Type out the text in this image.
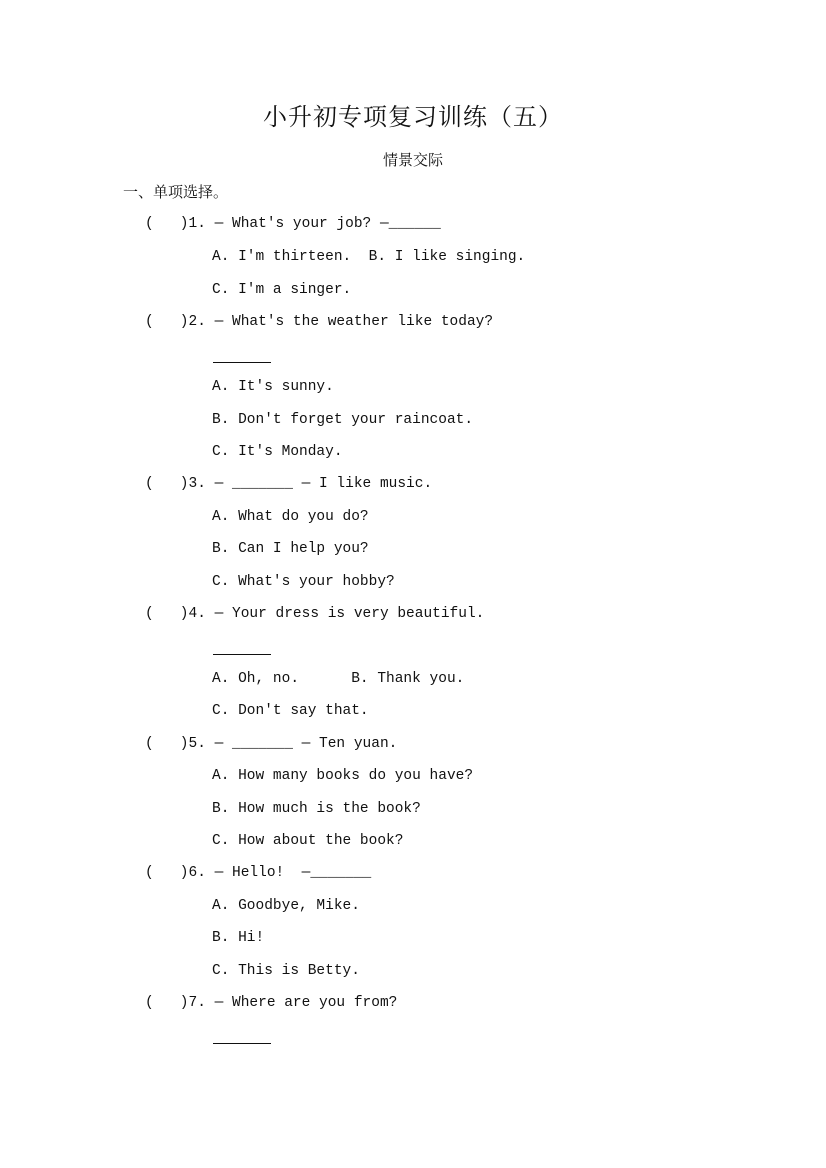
小升初专项复习训练（五）
情景交际
一、单项选择。
(   )1. — What's your job? —______
A. I'm thirteen.  B. I like singing.
C. I'm a singer.
(   )2. — What's the weather like today?
A. It's sunny.
B. Don't forget your raincoat.
C. It's Monday.
(   )3. — _______ — I like music.
A. What do you do?
B. Can I help you?
C. What's your hobby?
(   )4. — Your dress is very beautiful.
A. Oh, no.      B. Thank you.
C. Don't say that.
(   )5. — _______ — Ten yuan.
A. How many books do you have?
B. How much is the book?
C. How about the book?
(   )6. — Hello!  —_______
A. Goodbye, Mike.
B. Hi!
C. This is Betty.
(   )7. — Where are you from?
